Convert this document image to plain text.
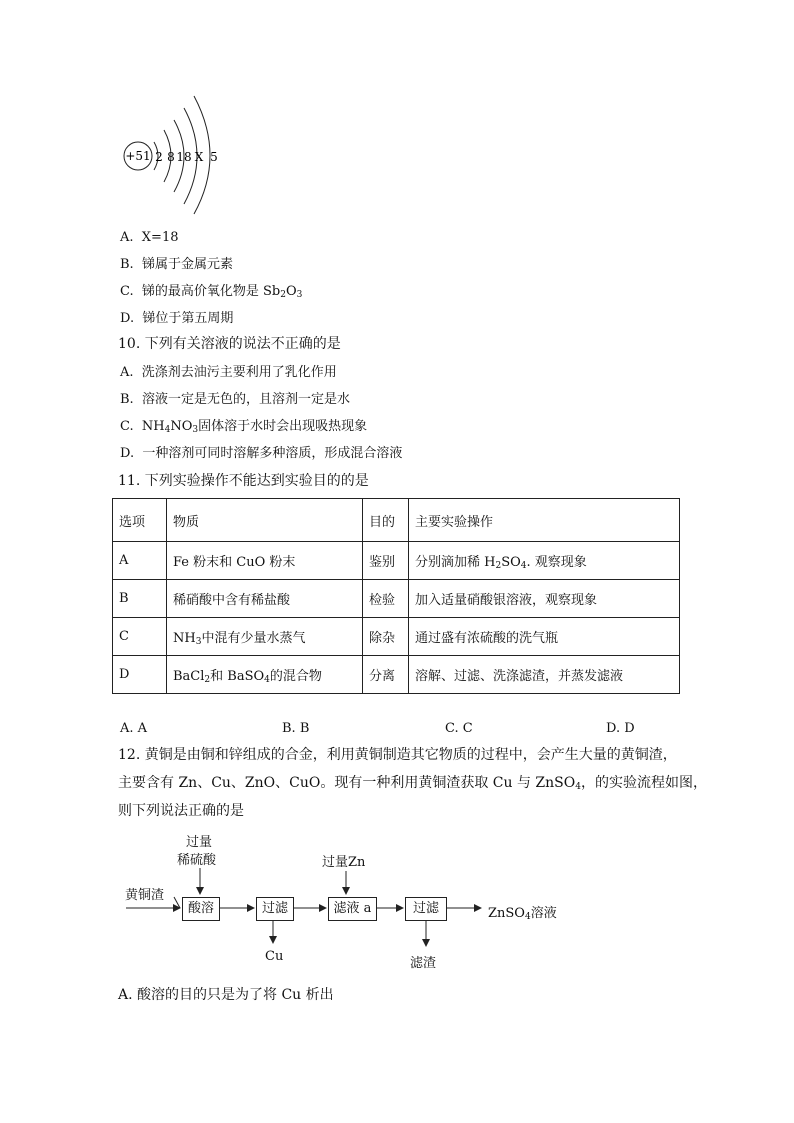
+51 2 8 18 X 5
A. X=18
B. 锑属于金属元素
C. 锑的最高价氧化物是 $Sb_2O_3$
D. 锑位于第五周期
10. 下列有关溶液的说法不正确的是
A. 洗涤剂去油污主要利用了乳化作用
B. 溶液一定是无色的，且溶剂一定是水
C. $NH_4NO_3$固体溶于水时会出现吸热现象
D. 一种溶剂可同时溶解多种溶质，形成混合溶液
11. 下列实验操作不能达到实验目的的是
选项	物质	目的	主要实验操作
A	Fe 粉末和 CuO 粉末	鉴别	分别滴加稀 $H_2SO_4$. 观察现象
B	稀硝酸中含有稀盐酸	检验	加入适量硝酸银溶液，观察现象
C	$NH_3$中混有少量水蒸气	除杂	通过盛有浓硫酸的洗气瓶
D	BaCl$_2$和 BaSO$_4$的混合物	分离	溶解、过滤、洗涤滤渣，并蒸发滤液
A. A	B. B	C. C	D. D
12. 黄铜是由铜和锌组成的合金，利用黄铜制造其它物质的过程中，会产生大量的黄铜渣，
主要含有 Zn、Cu、ZnO、CuO。现有一种利用黄铜渣获取 Cu 与 ZnSO$_4$，的实验流程如图，
则下列说法正确的是
黄铜渣
过量
稀硫酸
酸溶	过滤
Cu
过量Zn
滤液 a	过滤
滤渣
ZnSO$_4$溶液
A. 酸溶的目的只是为了将 Cu 析出
